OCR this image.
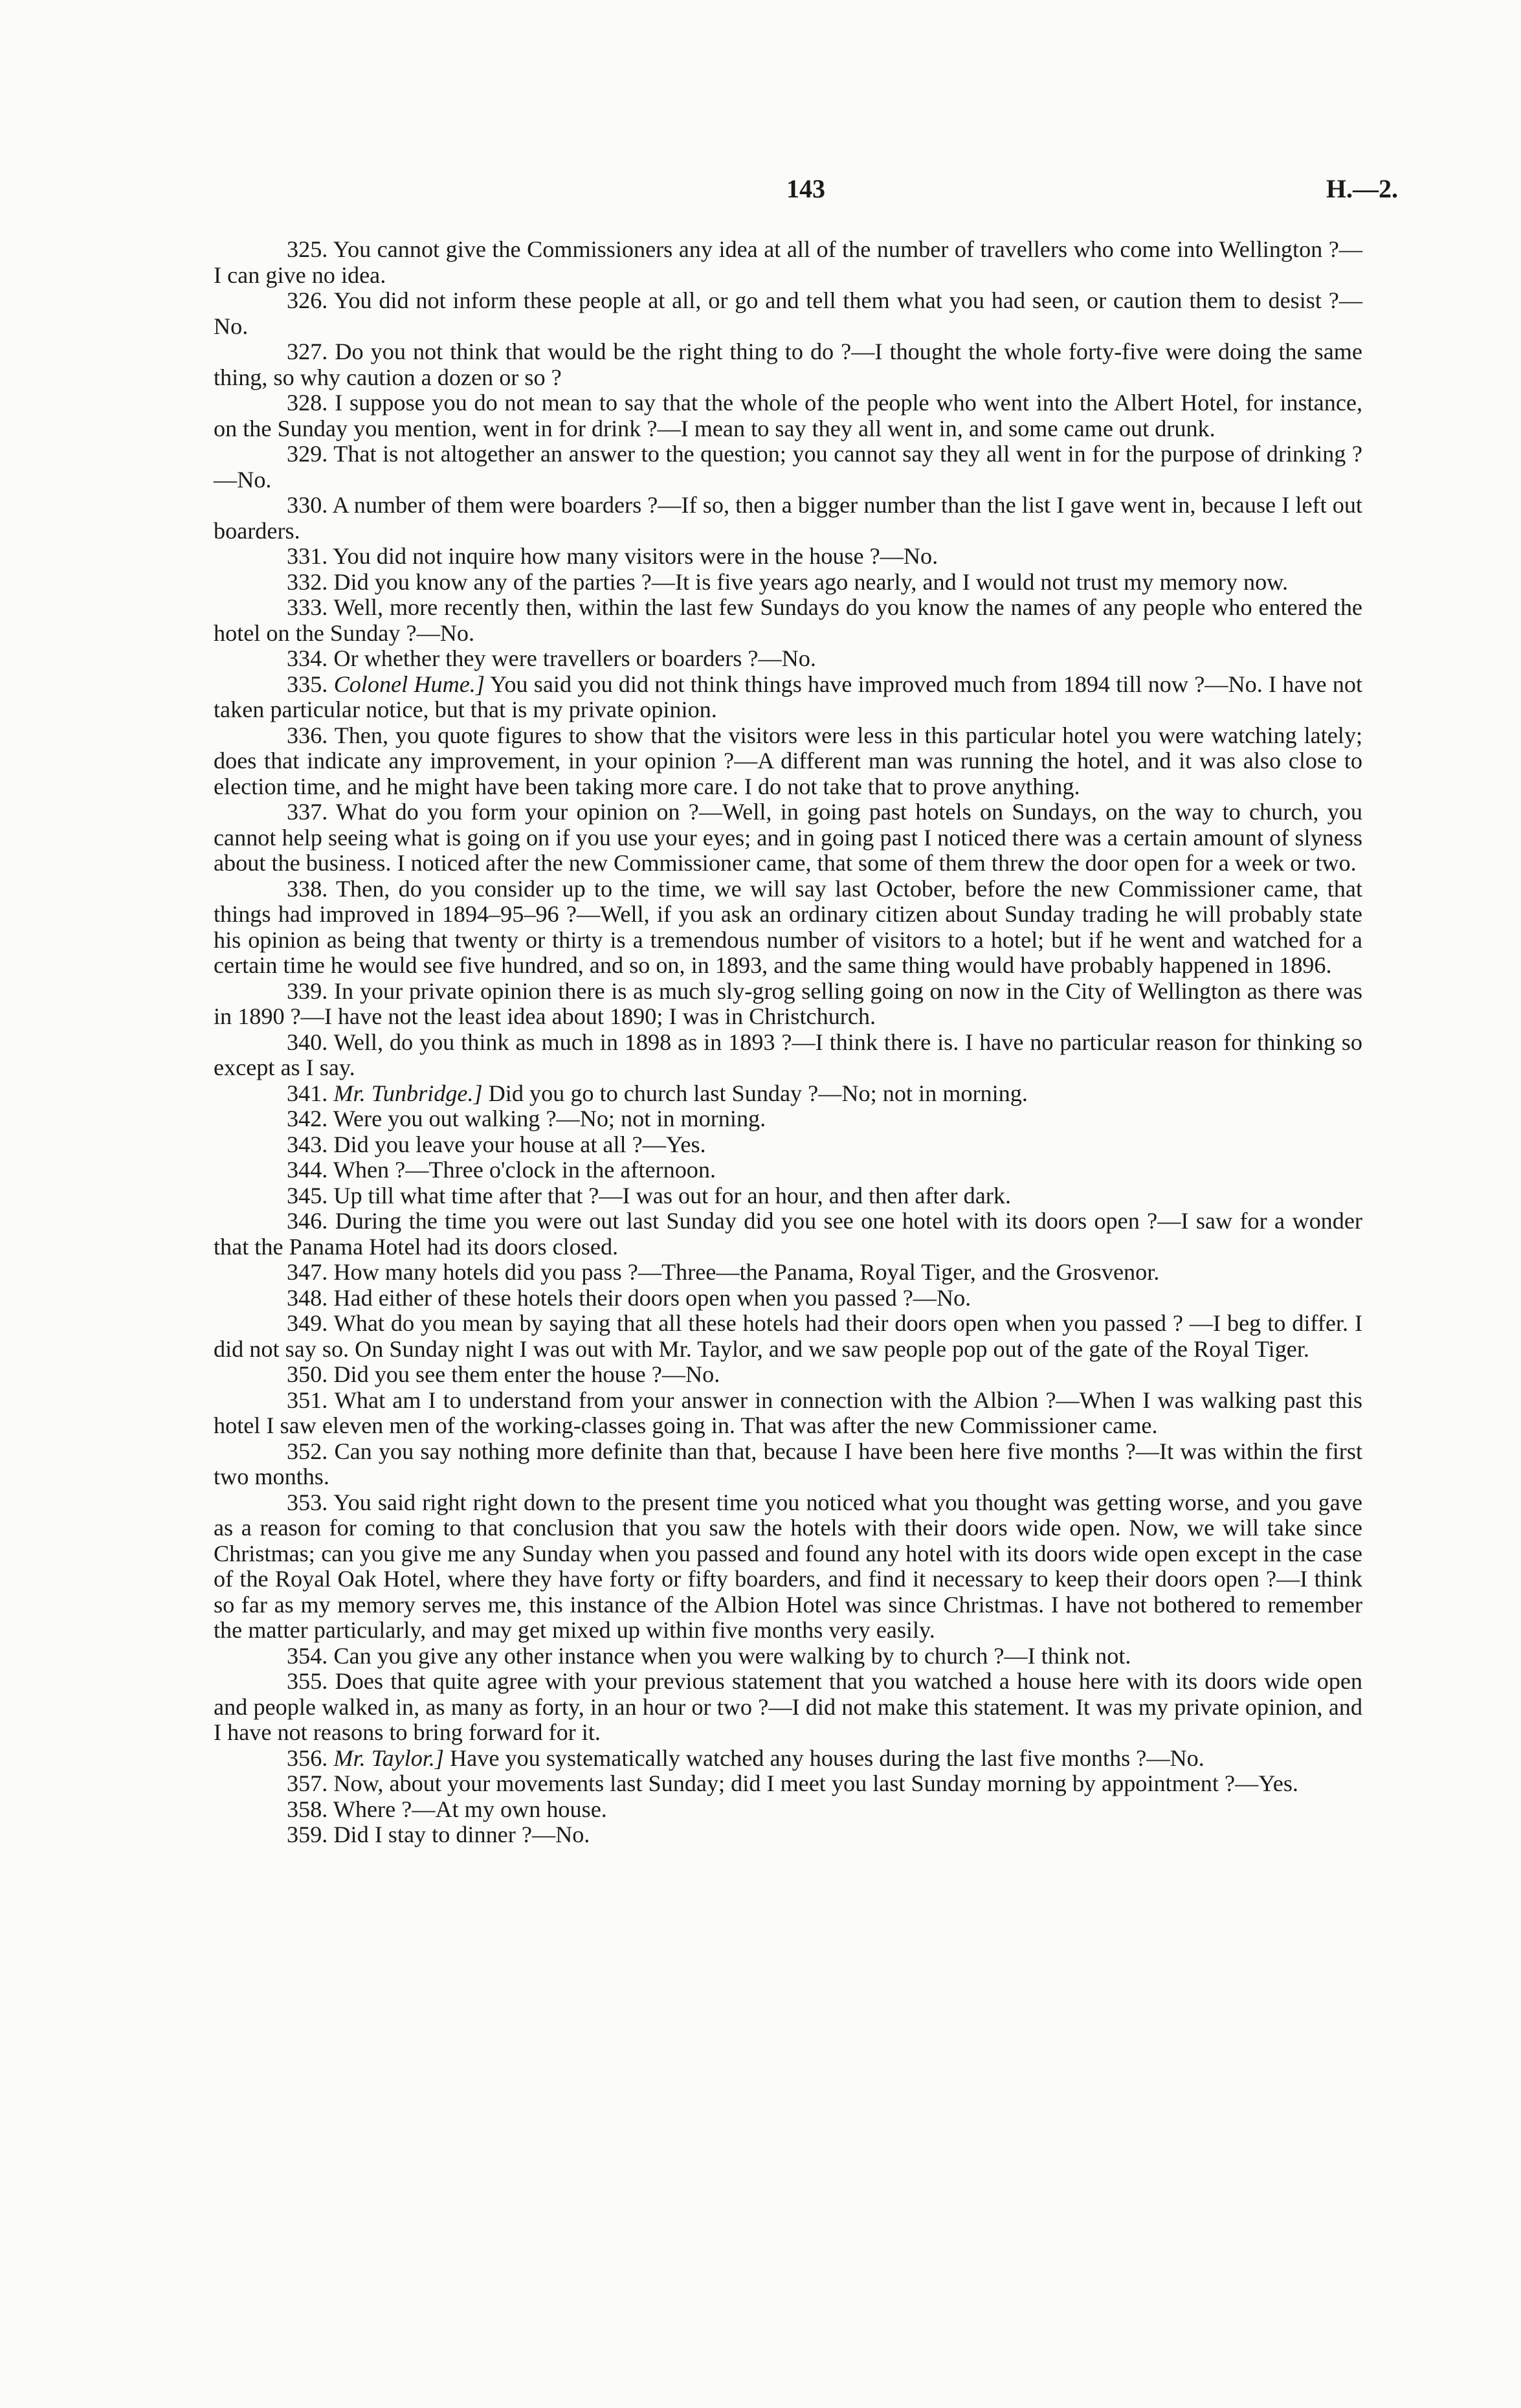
143	H.—2.

325. You cannot give the Commissioners any idea at all of the number of travellers who come into Wellington ?—I can give no idea.

326. You did not inform these people at all, or go and tell them what you had seen, or caution them to desist ?—No.

327. Do you not think that would be the right thing to do ?—I thought the whole forty-five were doing the same thing, so why caution a dozen or so ?

328. I suppose you do not mean to say that the whole of the people who went into the Albert Hotel, for instance, on the Sunday you mention, went in for drink ?—I mean to say they all went in, and some came out drunk.

329. That is not altogether an answer to the question; you cannot say they all went in for the purpose of drinking ?—No.

330. A number of them were boarders ?—If so, then a bigger number than the list I gave went in, because I left out boarders.

331. You did not inquire how many visitors were in the house ?—No.

332. Did you know any of the parties ?—It is five years ago nearly, and I would not trust my memory now.

333. Well, more recently then, within the last few Sundays do you know the names of any people who entered the hotel on the Sunday ?—No.

334. Or whether they were travellers or boarders ?—No.

335. Colonel Hume.] You said you did not think things have improved much from 1894 till now ?—No. I have not taken particular notice, but that is my private opinion.

336. Then, you quote figures to show that the visitors were less in this particular hotel you were watching lately; does that indicate any improvement, in your opinion ?—A different man was running the hotel, and it was also close to election time, and he might have been taking more care. I do not take that to prove anything.

337. What do you form your opinion on ?—Well, in going past hotels on Sundays, on the way to church, you cannot help seeing what is going on if you use your eyes; and in going past I noticed there was a certain amount of slyness about the business. I noticed after the new Commissioner came, that some of them threw the door open for a week or two.

338. Then, do you consider up to the time, we will say last October, before the new Commissioner came, that things had improved in 1894–95–96 ?—Well, if you ask an ordinary citizen about Sunday trading he will probably state his opinion as being that twenty or thirty is a tremendous number of visitors to a hotel; but if he went and watched for a certain time he would see five hundred, and so on, in 1893, and the same thing would have probably happened in 1896.

339. In your private opinion there is as much sly-grog selling going on now in the City of Wellington as there was in 1890 ?—I have not the least idea about 1890; I was in Christchurch.

340. Well, do you think as much in 1898 as in 1893 ?—I think there is. I have no particular reason for thinking so except as I say.

341. Mr. Tunbridge.] Did you go to church last Sunday ?—No; not in morning.

342. Were you out walking ?—No; not in morning.

343. Did you leave your house at all ?—Yes.

344. When ?—Three o'clock in the afternoon.

345. Up till what time after that ?—I was out for an hour, and then after dark.

346. During the time you were out last Sunday did you see one hotel with its doors open ?—I saw for a wonder that the Panama Hotel had its doors closed.

347. How many hotels did you pass ?—Three—the Panama, Royal Tiger, and the Grosvenor.

348. Had either of these hotels their doors open when you passed ?—No.

349. What do you mean by saying that all these hotels had their doors open when you passed ? —I beg to differ. I did not say so. On Sunday night I was out with Mr. Taylor, and we saw people pop out of the gate of the Royal Tiger.

350. Did you see them enter the house ?—No.

351. What am I to understand from your answer in connection with the Albion ?—When I was walking past this hotel I saw eleven men of the working-classes going in. That was after the new Commissioner came.

352. Can you say nothing more definite than that, because I have been here five months ?—It was within the first two months.

353. You said right right down to the present time you noticed what you thought was getting worse, and you gave as a reason for coming to that conclusion that you saw the hotels with their doors wide open. Now, we will take since Christmas; can you give me any Sunday when you passed and found any hotel with its doors wide open except in the case of the Royal Oak Hotel, where they have forty or fifty boarders, and find it necessary to keep their doors open ?—I think so far as my memory serves me, this instance of the Albion Hotel was since Christmas. I have not bothered to remember the matter particularly, and may get mixed up within five months very easily.

354. Can you give any other instance when you were walking by to church ?—I think not.

355. Does that quite agree with your previous statement that you watched a house here with its doors wide open and people walked in, as many as forty, in an hour or two ?—I did not make this statement. It was my private opinion, and I have not reasons to bring forward for it.

356. Mr. Taylor.] Have you systematically watched any houses during the last five months ?—No.

357. Now, about your movements last Sunday; did I meet you last Sunday morning by appointment ?—Yes.

358. Where ?—At my own house.

359. Did I stay to dinner ?—No.
